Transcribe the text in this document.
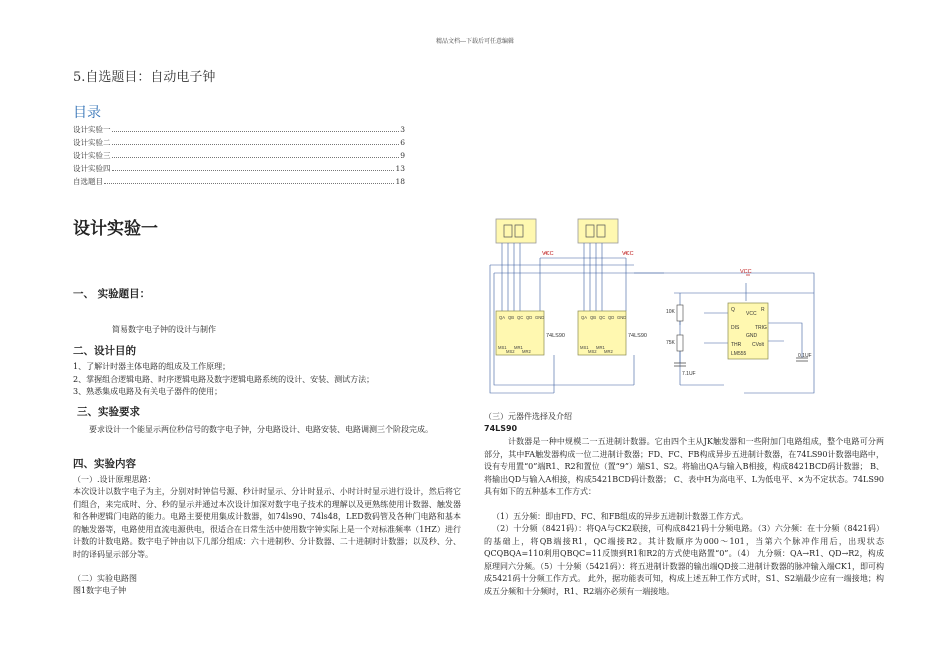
精品文档---下载后可任意编辑
5.自选题目：自动电子钟
目录
设计实验一	3
设计实验二	6
设计实验三	9
设计实验四	13
自选题目	18
设计实验一
一、 实验题目：
简易数字电子钟的设计与制作
二、设计目的
1、了解计时器主体电路的组成及工作原理；
2、掌握组合逻辑电路、时序逻辑电路及数字逻辑电路系统的设计、安装、测试方法；
3、熟悉集成电路及有关电子器件的使用；
三、实验要求
要求设计一个能显示两位秒信号的数字电子钟，分电路设计、电路安装、电路调测三个阶段完成。
四、实验内容
（一）.设计原理思路：
本次设计以数字电子为主，分别对时钟信号源、秒计时显示、分计时显示、小时计时显示进行设计，然后将它们组合，来完成时、分、秒的显示并通过本次设计加深对数字电子技术的理解以及更熟练使用计数器、触发器和各种逻辑门电路的能力。电路主要使用集成计数器，如74ls90、74ls48，LED数码管及各种门电路和基本的触发器等，电路使用直流电源供电，很适合在日常生活中使用数字钟实际上是一个对标准频率（1HZ）进行计数的计数电路。数字电子钟由以下几部分组成：六十进制秒、分计数器、二十进制时计数器；以及秒、分、时的译码显示部分等。
（二）实验电路图
图1数字电子钟
VCC	VCC
VCC
74LS90	74LS90
QA QB QC QD GND	QA QB QC QD GND
MS1
MS2
MR1
MR2
MS1
MS2
MR1
MR2
Q	R
DIS	TRIG
THR CVolt
VCC
GND
LM555
10K
75K
7.1UF
0.1UF
（三）元器件选择及介绍
74LS90
计数器是一种中规模二一五进制计数器。它由四个主从JK触发器和一些附加门电路组成，整个电路可分两部分，其中FA触发器构成一位二进制计数器；FD、FC、FB构成异步五进制计数器，在74LS90计数器电路中，设有专用置“0”端R1、R2和置位（置“9”）端S1、S2。将输出QA与输入B相接，构成8421BCD码计数器； B、将输出QD与输入A相接，构成5421BCD码计数器； C、表中H为高电平、L为低电平、×为不定状态。74LS90具有如下的五种基本工作方式：
（1）五分频：即由FD、FC、和FB组成的异步五进制计数器工作方式。
（2）十分频（8421码）：将QA与CK2联接，可构成8421码十分频电路。（3）六分频：在十分频（8421码）的基础上，将QB端接R1，QC端接R2。其计数顺序为000～101，当第六个脉冲作用后，出现状态QCQBQA=110利用QBQC=11反馈到R1和R2的方式使电路置“0”。（4） 九分频：QA→R1、QD→R2，构成原理同六分频。（5）十分频（5421码）：将五进制计数器的输出端QD接二进制计数器的脉冲输入端CK1，即可构成5421码十分频工作方式。 此外，据功能表可知，构成上述五种工作方式时，S1、S2端最少应有一端接地；构成五分频和十分频时，R1、R2端亦必须有一端接地。
